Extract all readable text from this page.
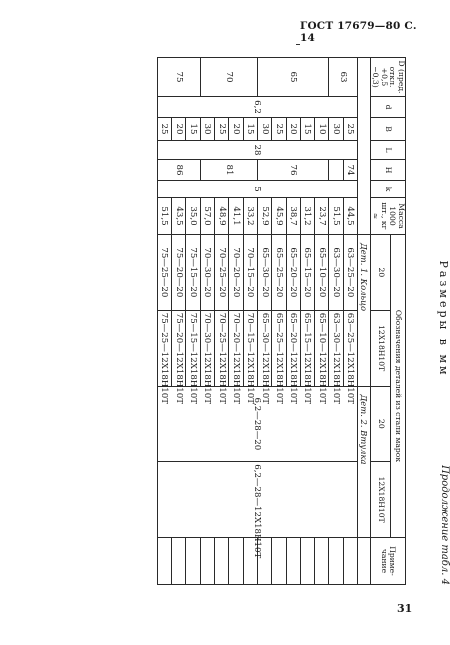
ГОСТ 17679—80 С. 14
Размеры в мм
Продолжение табл. 4
D (пред. откл. +0,5 −0,3)	d	B	L	H	k	Масса 1000 шт., кг ≈	Обозначения деталей из стали марок				Приме-чание
							20	12Х18Н10Т	20	12Х18Н10Т	
							Дет. 1. Кольцо		Дет. 2. Втулка		
63	6,2	25	28	74	5	44,5	63—25—20	63—25—12Х18Н10Т	6,2—28—20	6,2—28—12Х18Н10Т	
		30				51,5	63—30—20	63—30—12Х18Н10Т			
65		10		76		23,7	65—10—20	65—10—12Х18Н10Т			
		15				31,2	65—15—20	65—15—12Х18Н10Т			
		20				38,7	65—20—20	65—20—12Х18Н10Т			
		25				45,9	65—25—20	65—25—12Х18Н10Т			
		30				52,9	65—30—20	65—30—12Х18Н10Т			
70		15		81		33,2	70—15—20	70—15—12Х18Н10Т			
		20				41,1	70—20—20	70—20—12Х18Н10Т			
		25				48,9	70—25—20	70—25—12Х18Н10Т			
		30				57,0	70—30—20	70—30—12Х18Н10Т			
75		15		86		35,0	75—15—20	75—15—12Х18Н10Т			
		20				43,5	75—20—20	75—20—12Х18Н10Т			
		25				51,5	75—25—20	75—25—12Х18Н10Т			
31
